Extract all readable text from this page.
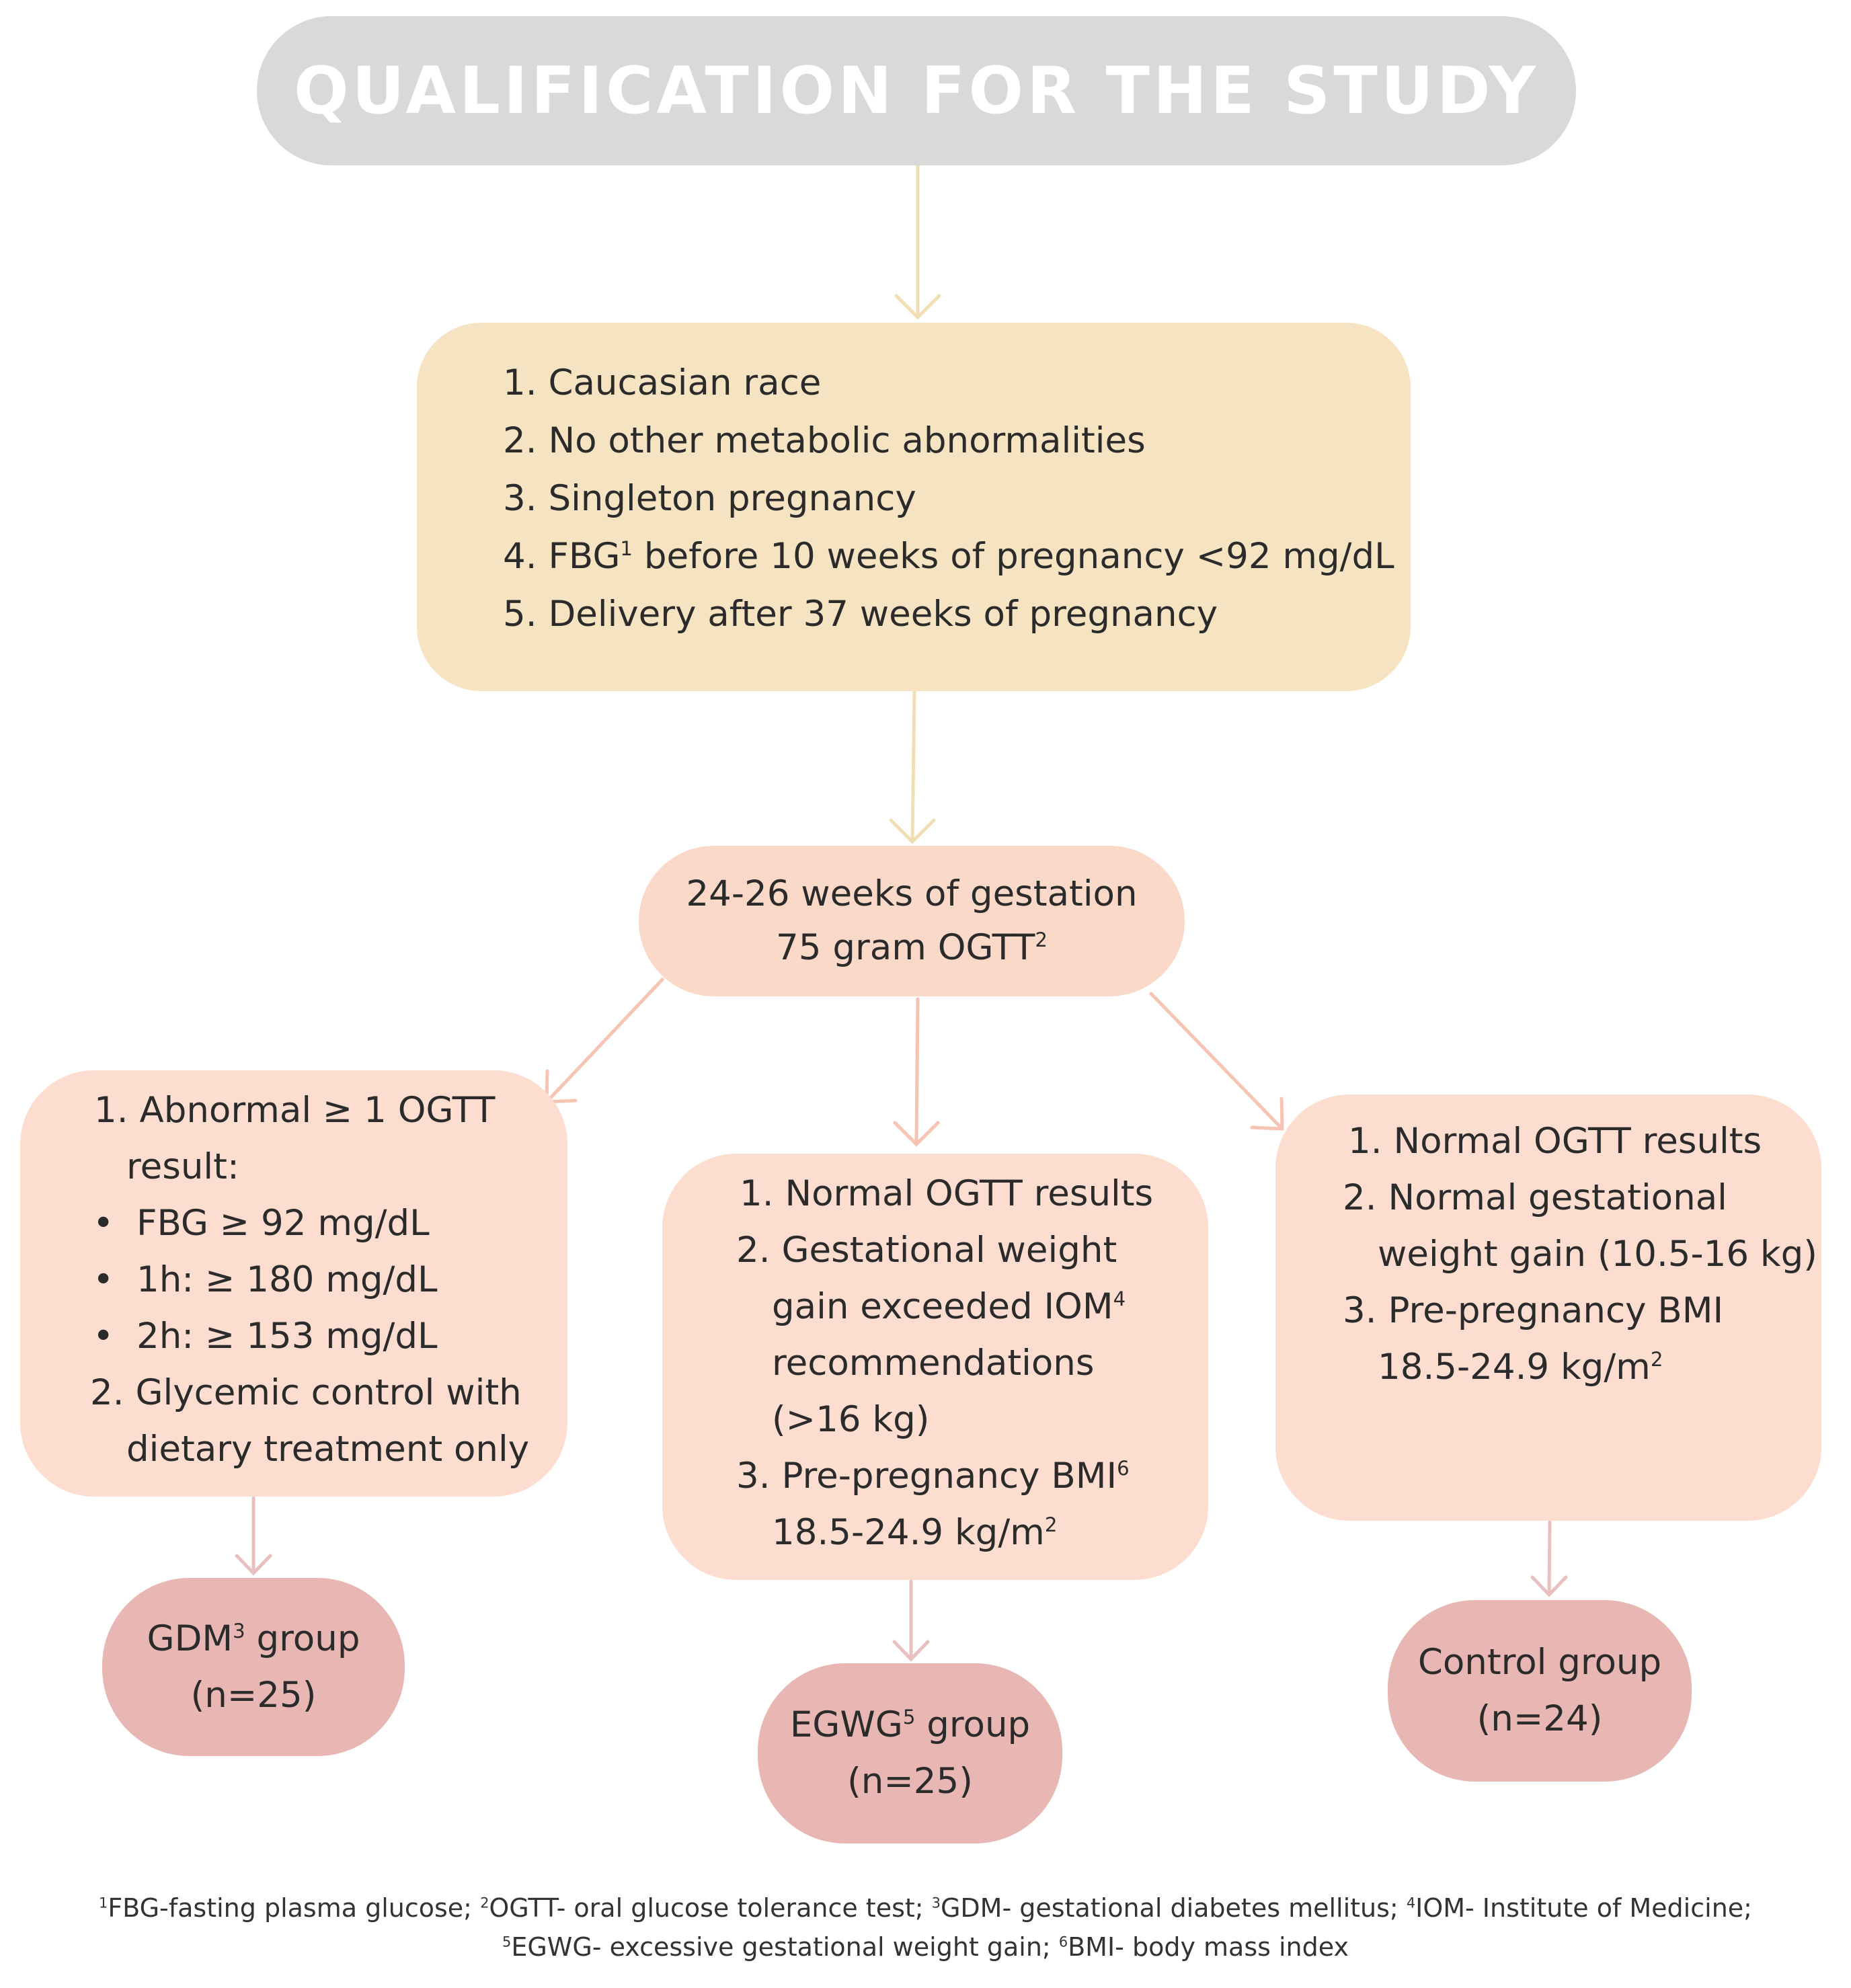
QUALIFICATION FOR THE STUDY
1. Caucasian race
2. No other metabolic abnormalities
3. Singleton pregnancy
4. FBG$^1$ before 10 weeks of pregnancy <92 mg/dL
5. Delivery after 37 weeks of pregnancy
24-26 weeks of gestation
75 gram OGTT$^2$
1. Abnormal ≥ 1 OGTT
result:
• FBG ≥ 92 mg/dL
• 1h: ≥ 180 mg/dL
• 2h: ≥ 153 mg/dL
2. Glycemic control with
dietary treatment only
1. Normal OGTT results
2. Gestational weight
gain exceeded IOM$^4$
recommendations
(>16 kg)
3. Pre-pregnancy BMI$^6$
18.5-24.9 $kg/m^2$
1. Normal OGTT results
2. Normal gestational
weight gain (10.5-16 kg)
3. Pre-pregnancy BMI
18.5-24.9 $kg/m^2$
GDM$^3$ group
(n=25)
EGWG$^5$ group
(n=25)
Control group
(n=24)
$^1$FBG-fasting plasma glucose; $^2$OGTT- oral glucose tolerance test; $^3$GDM- gestational diabetes mellitus; $^4$IOM- Institute of Medicine;
$^5$EGWG- excessive gestational weight gain; $^6$BMI- body mass index
